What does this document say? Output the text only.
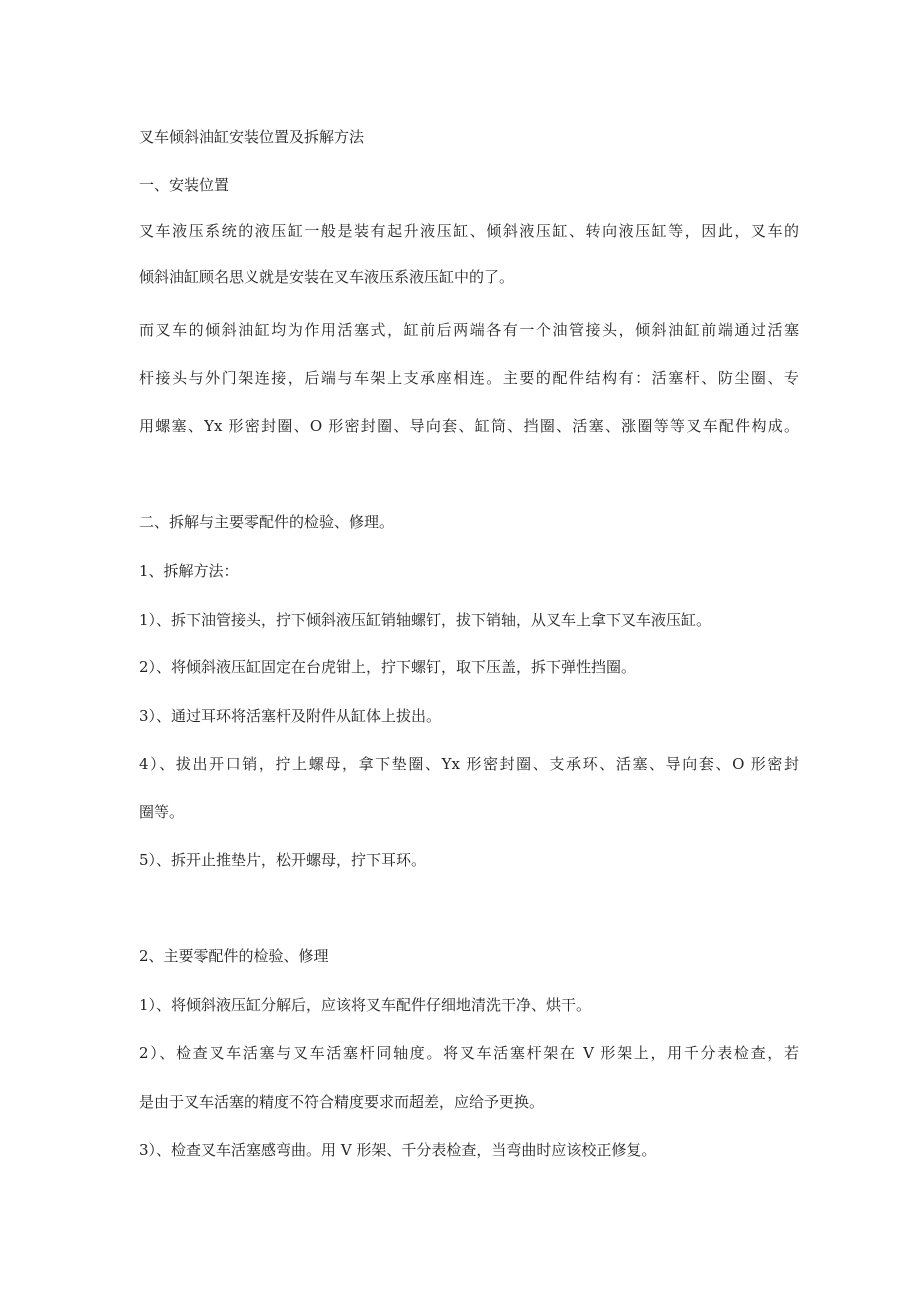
叉车倾斜油缸安装位置及拆解方法
一、安装位置
叉车液压系统的液压缸一般是装有起升液压缸、倾斜液压缸、转向液压缸等，因此，叉车的
倾斜油缸顾名思义就是安装在叉车液压系液压缸中的了。
而叉车的倾斜油缸均为作用活塞式，缸前后两端各有一个油管接头，倾斜油缸前端通过活塞
杆接头与外门架连接，后端与车架上支承座相连。主要的配件结构有：活塞杆、防尘圈、专
用螺塞、Yx 形密封圈、O 形密封圈、导向套、缸筒、挡圈、活塞、涨圈等等叉车配件构成。
二、拆解与主要零配件的检验、修理。
1、拆解方法：
1）、拆下油管接头，拧下倾斜液压缸销轴螺钉，拔下销轴，从叉车上拿下叉车液压缸。
2）、将倾斜液压缸固定在台虎钳上，拧下螺钉，取下压盖，拆下弹性挡圈。
3）、通过耳环将活塞杆及附件从缸体上拔出。
4）、拔出开口销，拧上螺母，拿下垫圈、Yx 形密封圈、支承环、活塞、导向套、O 形密封
圈等。
5）、拆开止推垫片，松开螺母，拧下耳环。
2、主要零配件的检验、修理
1）、将倾斜液压缸分解后，应该将叉车配件仔细地清洗干净、烘干。
2）、检查叉车活塞与叉车活塞杆同轴度。将叉车活塞杆架在 V 形架上，用千分表检查，若
是由于叉车活塞的精度不符合精度要求而超差，应给予更换。
3）、检查叉车活塞感弯曲。用 V 形架、千分表检查，当弯曲时应该校正修复。
